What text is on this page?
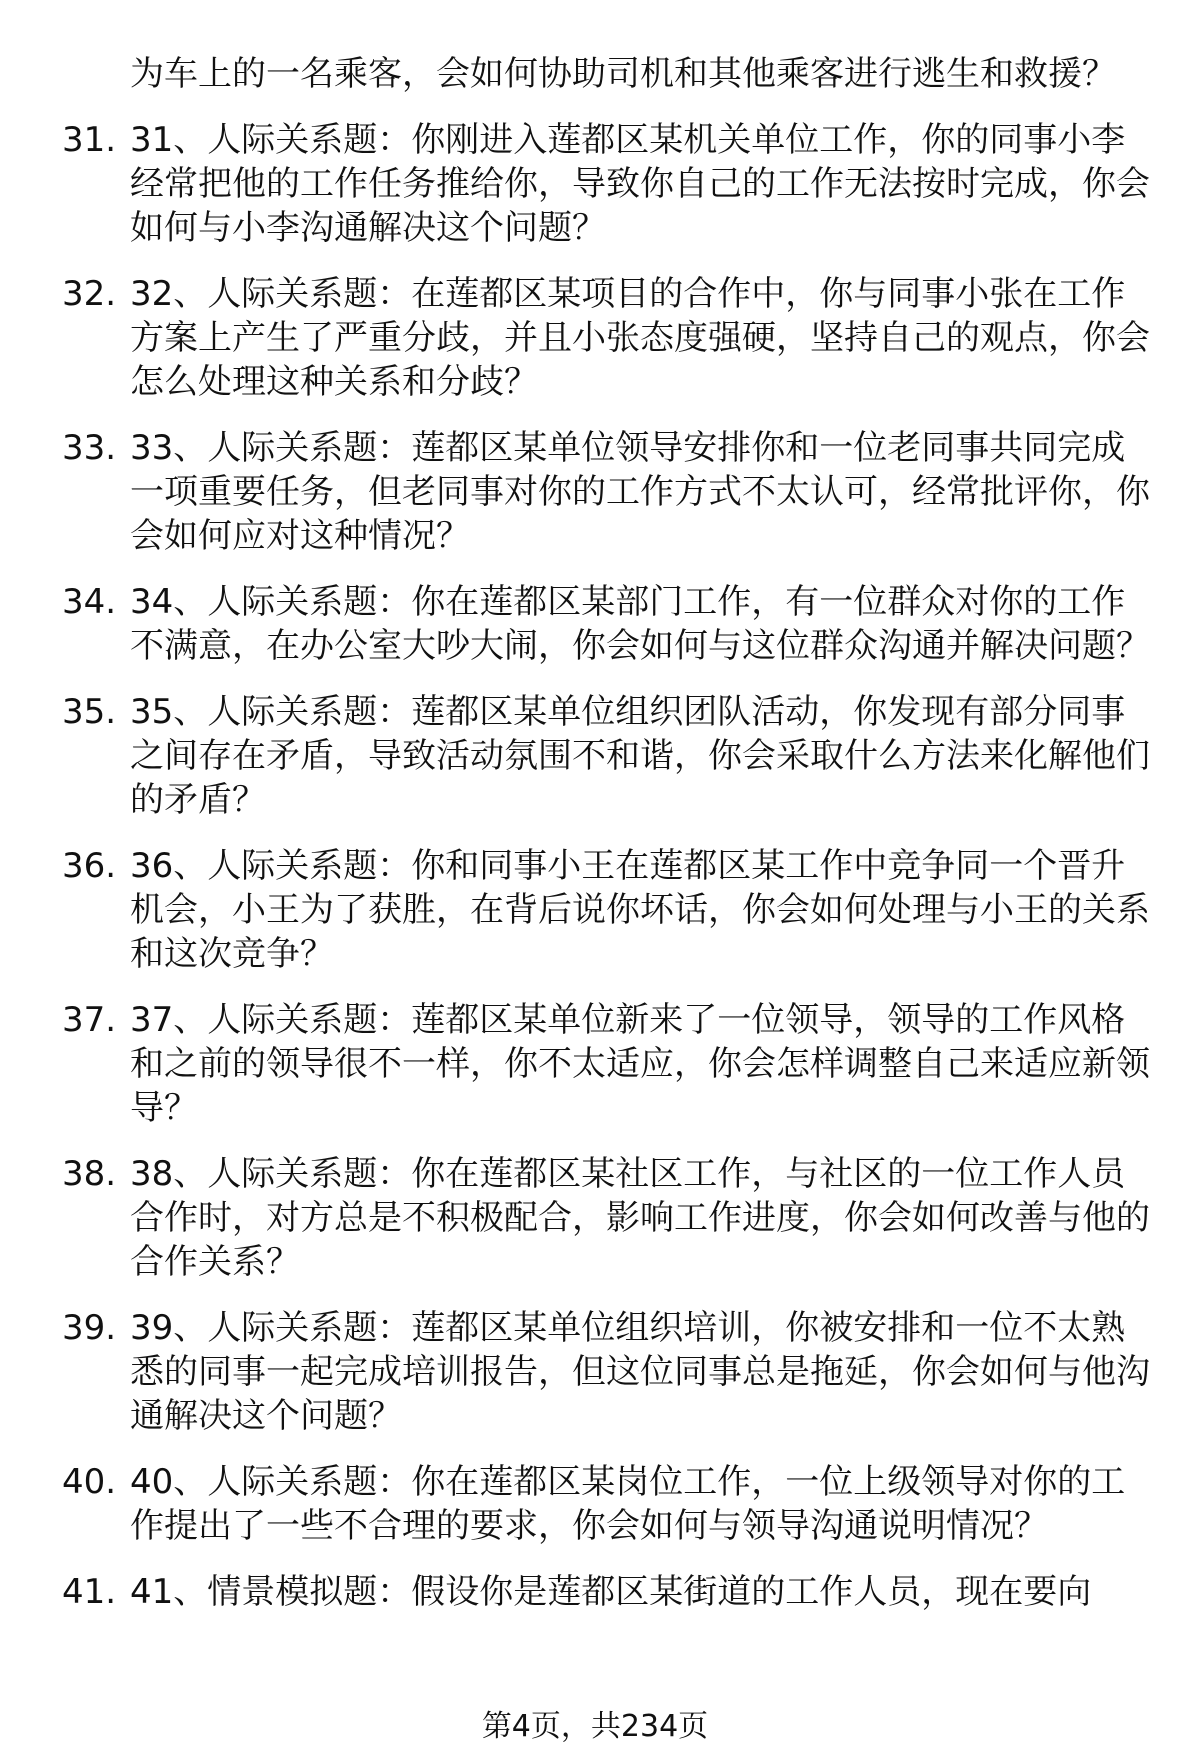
为车上的一名乘客，会如何协助司机和其他乘客进行逃生和救援？
31. 31、人际关系题：你刚进入莲都区某机关单位工作，你的同事小李经常把他的工作任务推给你，导致你自己的工作无法按时完成，你会如何与小李沟通解决这个问题？
32. 32、人际关系题：在莲都区某项目的合作中，你与同事小张在工作方案上产生了严重分歧，并且小张态度强硬，坚持自己的观点，你会怎么处理这种关系和分歧？
33. 33、人际关系题：莲都区某单位领导安排你和一位老同事共同完成一项重要任务，但老同事对你的工作方式不太认可，经常批评你，你会如何应对这种情况？
34. 34、人际关系题：你在莲都区某部门工作，有一位群众对你的工作不满意，在办公室大吵大闹，你会如何与这位群众沟通并解决问题？
35. 35、人际关系题：莲都区某单位组织团队活动，你发现有部分同事之间存在矛盾，导致活动氛围不和谐，你会采取什么方法来化解他们的矛盾？
36. 36、人际关系题：你和同事小王在莲都区某工作中竞争同一个晋升机会，小王为了获胜，在背后说你坏话，你会如何处理与小王的关系和这次竞争？
37. 37、人际关系题：莲都区某单位新来了一位领导，领导的工作风格和之前的领导很不一样，你不太适应，你会怎样调整自己来适应新领导？
38. 38、人际关系题：你在莲都区某社区工作，与社区的一位工作人员合作时，对方总是不积极配合，影响工作进度，你会如何改善与他的合作关系？
39. 39、人际关系题：莲都区某单位组织培训，你被安排和一位不太熟悉的同事一起完成培训报告，但这位同事总是拖延，你会如何与他沟通解决这个问题？
40. 40、人际关系题：你在莲都区某岗位工作，一位上级领导对你的工作提出了一些不合理的要求，你会如何与领导沟通说明情况？
41. 41、情景模拟题：假设你是莲都区某街道的工作人员，现在要向
第4页，共234页
